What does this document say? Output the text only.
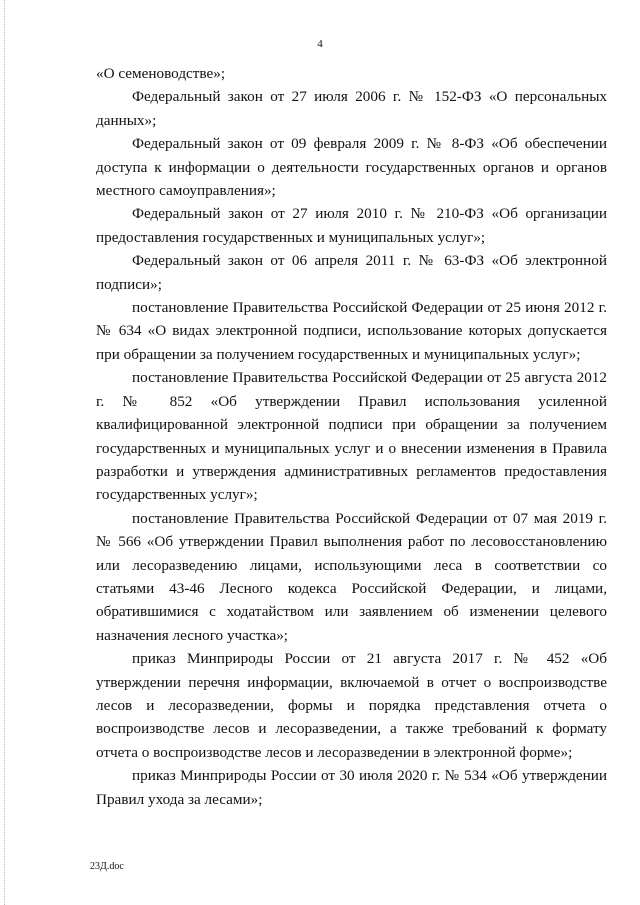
4

«О семеноводстве»;

Федеральный закон от 27 июля 2006 г. № 152-ФЗ «О персональных данных»;

Федеральный закон от 09 февраля 2009 г. № 8-ФЗ «Об обеспечении доступа к информации о деятельности государственных органов и органов местного самоуправления»;

Федеральный закон от 27 июля 2010 г. № 210-ФЗ «Об организации предоставления государственных и муниципальных услуг»;

Федеральный закон от 06 апреля 2011 г. № 63-ФЗ «Об электронной подписи»;

постановление Правительства Российской Федерации от 25 июня 2012 г. № 634 «О видах электронной подписи, использование которых допускается при обращении за получением государственных и муниципальных услуг»;

постановление Правительства Российской Федерации от 25 августа 2012 г. № 852 «Об утверждении Правил использования усиленной квалифицированной электронной подписи при обращении за получением государственных и муниципальных услуг и о внесении изменения в Правила разработки и утверждения административных регламентов предоставления государственных услуг»;

постановление Правительства Российской Федерации от 07 мая 2019 г. № 566 «Об утверждении Правил выполнения работ по лесовосстановлению или лесоразведению лицами, использующими леса в соответствии со статьями 43-46 Лесного кодекса Российской Федерации, и лицами, обратившимися с ходатайством или заявлением об изменении целевого назначения лесного участка»;

приказ Минприроды России от 21 августа 2017 г. № 452 «Об утверждении перечня информации, включаемой в отчет о воспроизводстве лесов и лесоразведении, формы и порядка представления отчета о воспроизводстве лесов и лесоразведении, а также требований к формату отчета о воспроизводстве лесов и лесоразведении в электронной форме»;

приказ Минприроды России от 30 июля 2020 г. № 534 «Об утверждении Правил ухода за лесами»;

23Д.doc
